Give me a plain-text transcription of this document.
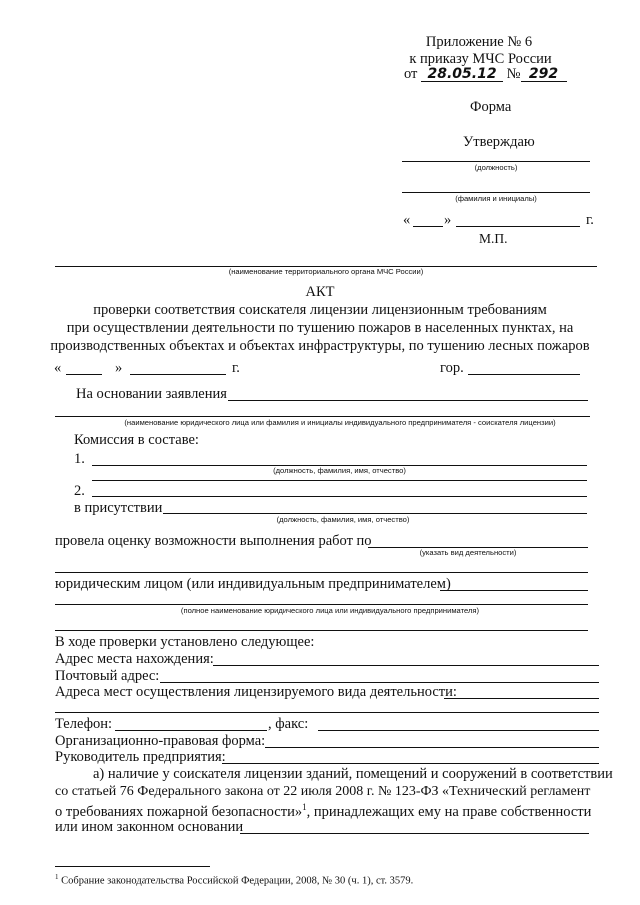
Приложение № 6
к приказу МЧС России
от 28.05.12 № 292
Форма
Утверждаю
(должность)
(фамилия и инициалы)
« »	г.
М.П.
(наименование территориального органа МЧС России)
АКТ
проверки соответствия соискателя лицензии лицензионным требованиям
при осуществлении деятельности по тушению пожаров в населенных пунктах, на
производственных объектах и объектах инфраструктуры, по тушению лесных пожаров
«	»	г.	гор.
На основании заявления
(наименование юридического лица или фамилия и инициалы индивидуального предпринимателя - соискателя лицензии)
Комиссия в составе:
1.
(должность, фамилия, имя, отчество)
2.
в присутствии
(должность, фамилия, имя, отчество)
провела оценку возможности выполнения работ по
(указать вид деятельности)
юридическим лицом (или индивидуальным предпринимателем)
(полное наименование юридического лица или индивидуального предпринимателя)
В ходе проверки установлено следующее:
Адрес места нахождения:
Почтовый адрес:
Адреса мест осуществления лицензируемого вида деятельности:
Телефон:	, факс:
Организационно-правовая форма:
Руководитель предприятия:
а) наличие у соискателя лицензии зданий, помещений и сооружений в соответствии
со статьей 76 Федерального закона от 22 июля 2008 г. № 123-ФЗ «Технический регламент
о требованиях пожарной безопасности»$^1$, принадлежащих ему на праве собственности
или ином законном основании
$^1$ Собрание законодательства Российской Федерации, 2008, № 30 (ч. 1), ст. 3579.
